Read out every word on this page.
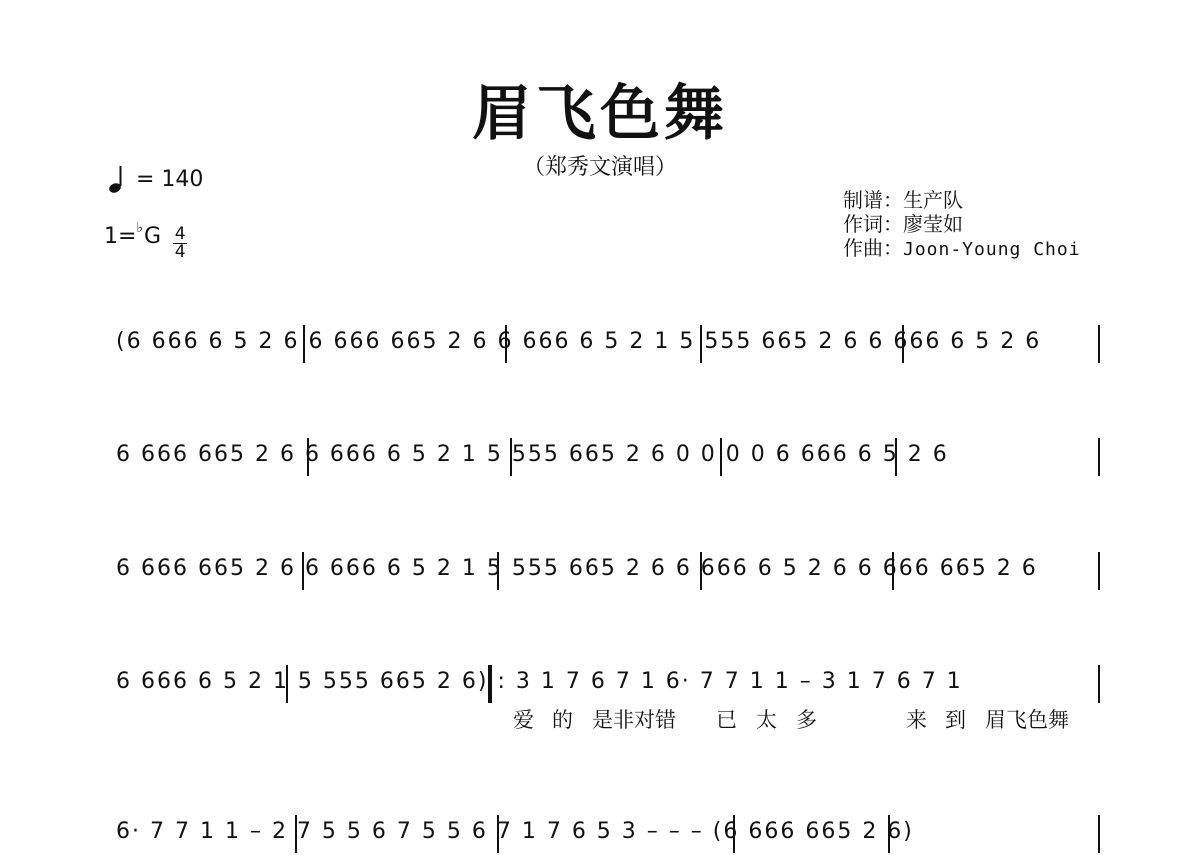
眉飞色舞
（郑秀文演唱）
= 140
1= ♭ G $\frac{4}{4}$
制谱：生产队
作词：廖莹如
作曲：Joon-Young Choi
(6 666 6 5 2 6 6 666 665 2 6 6 666 6 5 2 1 5 555 665 2 6 6 666 6 5 2 6
6 666 665 2 6 6 666 6 5 2 1 5 555 665 2 6 0 0 0 0 6 666 6 5 2 6
6 666 665 2 6 6 666 6 5 2 1 5 555 665 2 6 6 666 6 5 2 6 6 666 665 2 6
6 666 6 5 2 1 5 555 665 2 6) : 3 1 7 6 7 1 6· 7 7 1 1 – 3 1 7 6 7 1
6· 7 7 1 1 – 2 7 5 5 6 7 5 5 6 7 1 7 6 5 3 – – – (6 666 665 2 6)
爱 的 是非对错 已 太 多	来 到 眉飞色舞
